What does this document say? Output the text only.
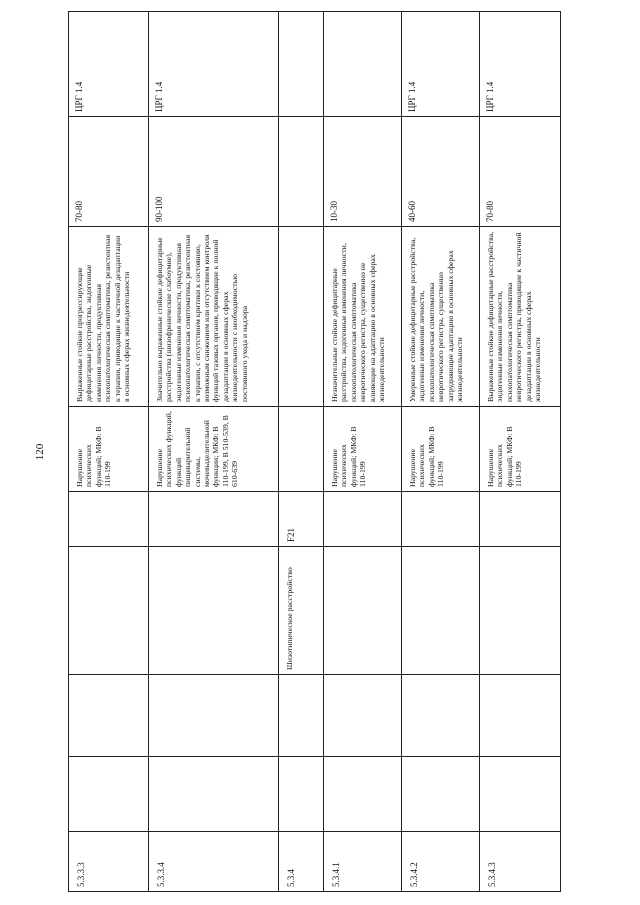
120
5.3.3.3					Нарушение психических функций; МКФ: B 110-199	Выраженные стойкие прогрессирующие дефицитарные расстройства, эндогенные изменения личности, продуктивная психопатологическая симптоматика, резистентная к терапии, приводящие к частичной дезадаптации в основных сферах жизнедеятельности	70-80	ЦРГ 1.4
5.3.3.4					Нарушение психических функций, функций пищеварительной системы, мочевыделительной функции; МКФ: B 110-199, B 510-539, B 610-639	Значительно выраженные стойкие дефицитарные расстройства (шизофренические слабоумие), эндогенные изменения личности, продуктивная психопатологическая симптоматика, резистентная к терапии, с отсутствием критики к состоянию, возможным снижением или отсутствием контроля функций тазовых органов, приводящие к полной дезадаптации в основных сферах жизнедеятельности с необходимостью постоянного ухода и надзора	90-100	ЦРГ 1.4
5.3.4			Шизотипическое расстройство	F21				
5.3.4.1					Нарушение психических функций; МКФ: B 110-199	Незначительные стойкие дефицитарные расстройства, эндогенные изменения личности, психопатологическая симптоматика невротического регистра, существенно не влияющие на адаптацию в основных сферах жизнедеятельности	10-30	
5.3.4.2					Нарушение психических функций; МКФ: B 110-199	Умеренные стойкие дефицитарные расстройства, эндогенные изменения личности, психопатологическая симптоматика невротического регистра, существенно затрудняющие адаптацию в основных сферах жизнедеятельности	40-60	ЦРГ 1.4
5.3.4.3					Нарушение психических функций; МКФ: B 110-199	Выраженные стойкие дефицитарные расстройства, эндогенные изменения личности, психопатологическая симптоматика невротического регистра, приводящие к частичной дезадаптации в основных сферах жизнедеятельности	70-80	ЦРГ 1.4
